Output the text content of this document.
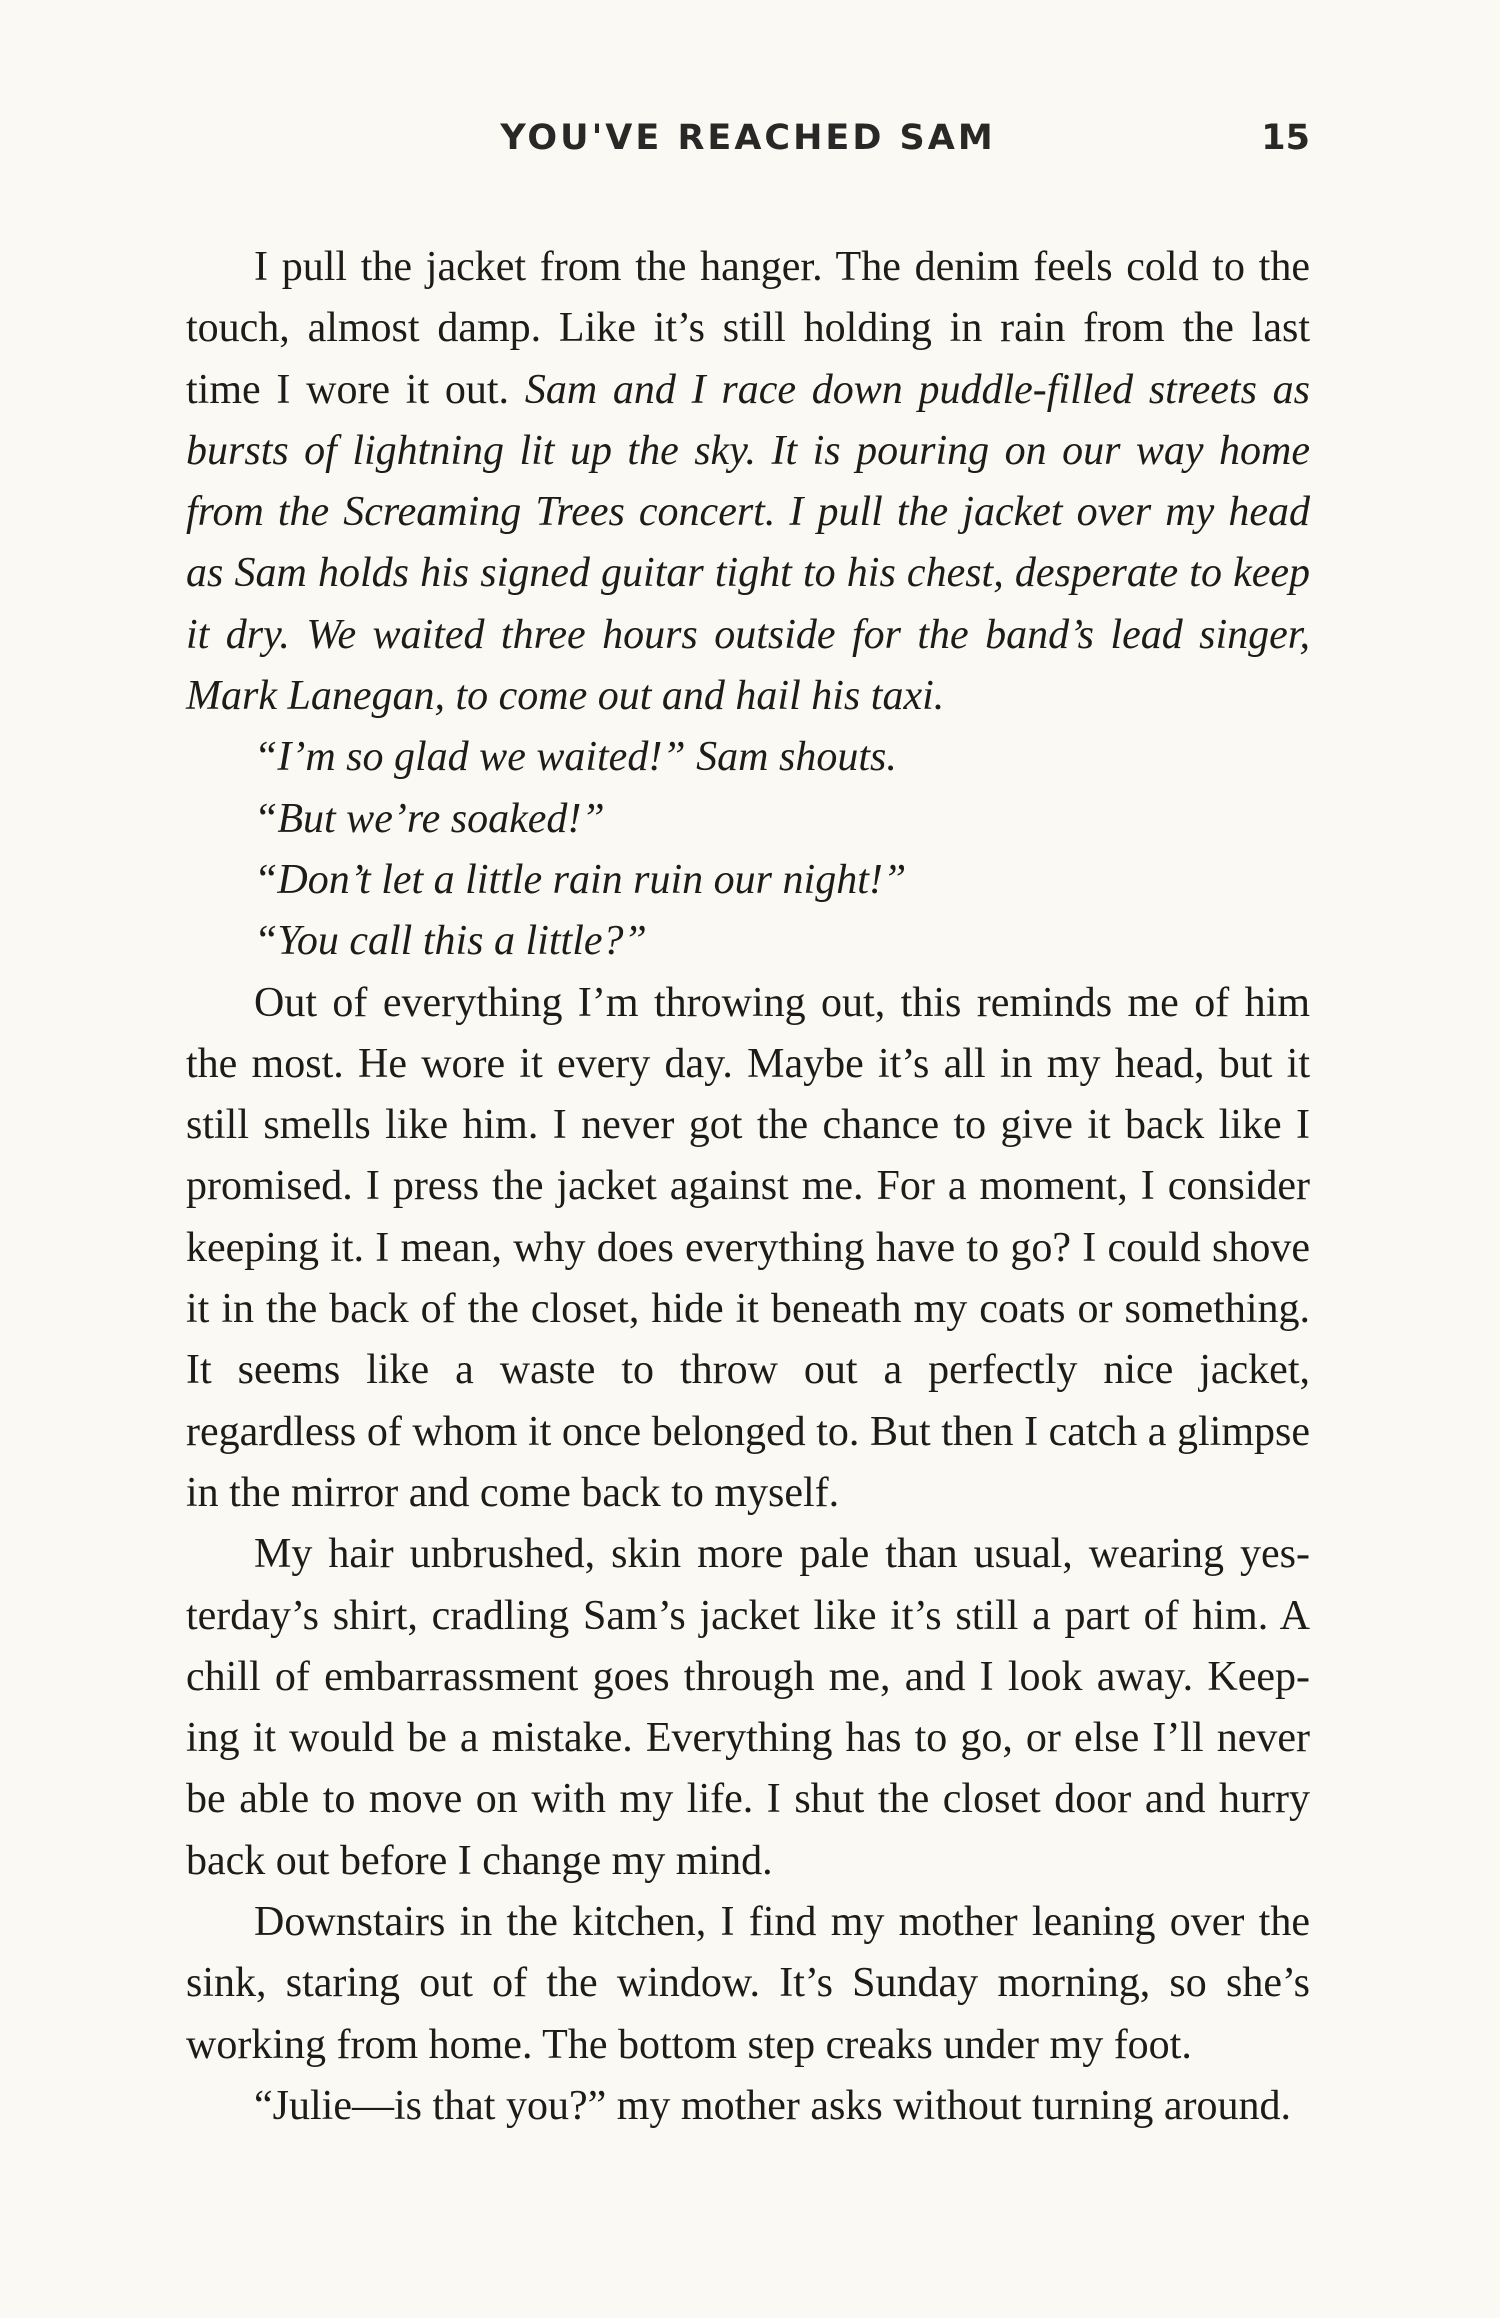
YOU'VE REACHED SAM	15

I pull the jacket from the hanger. The denim feels cold to the touch, almost damp. Like it’s still holding in rain from the last time I wore it out. Sam and I race down puddle-filled streets as bursts of lightning lit up the sky. It is pouring on our way home from the Screaming Trees concert. I pull the jacket over my head as Sam holds his signed guitar tight to his chest, desperate to keep it dry. We waited three hours outside for the band’s lead singer, Mark Lanegan, to come out and hail his taxi.

“I’m so glad we waited!” Sam shouts.

“But we’re soaked!”

“Don’t let a little rain ruin our night!”

“You call this a little?”

Out of everything I’m throwing out, this reminds me of him the most. He wore it every day. Maybe it’s all in my head, but it still smells like him. I never got the chance to give it back like I promised. I press the jacket against me. For a moment, I consider keeping it. I mean, why does everything have to go? I could shove it in the back of the closet, hide it beneath my coats or something. It seems like a waste to throw out a perfectly nice jacket, regardless of whom it once belonged to. But then I catch a glimpse in the mirror and come back to myself.

My hair unbrushed, skin more pale than usual, wearing yesterday’s shirt, cradling Sam’s jacket like it’s still a part of him. A chill of embarrassment goes through me, and I look away. Keeping it would be a mistake. Everything has to go, or else I’ll never be able to move on with my life. I shut the closet door and hurry back out before I change my mind.

Downstairs in the kitchen, I find my mother leaning over the sink, staring out of the window. It’s Sunday morning, so she’s working from home. The bottom step creaks under my foot.

“Julie—is that you?” my mother asks without turning around.
